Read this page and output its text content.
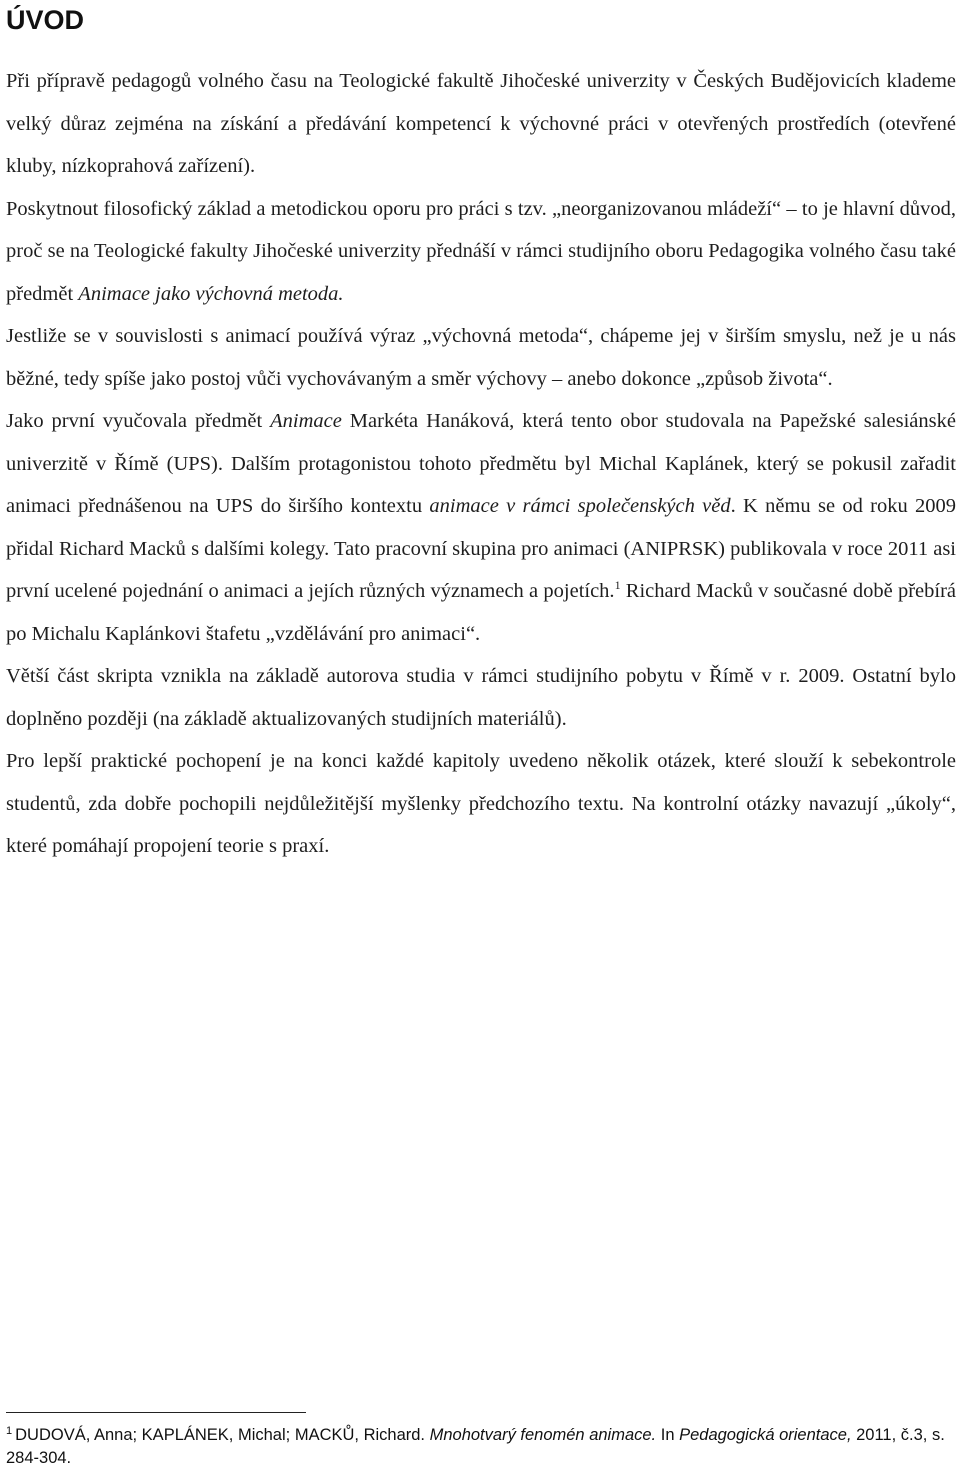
ÚVOD

Při přípravě pedagogů volného času na Teologické fakultě Jihočeské univerzity v Českých Budějovicích klademe velký důraz zejména na získání a předávání kompetencí k výchovné práci v otevřených prostředích (otevřené kluby, nízkoprahová zařízení).

Poskytnout filosofický základ a metodickou oporu pro práci s tzv. „neorganizovanou mládeží“ – to je hlavní důvod, proč se na Teologické fakulty Jihočeské univerzity přednáší v rámci studijního oboru Pedagogika volného času také předmět Animace jako výchovná metoda.

Jestliže se v souvislosti s animací používá výraz „výchovná metoda“, chápeme jej v širším smyslu, než je u nás běžné, tedy spíše jako postoj vůči vychovávaným a směr výchovy – anebo dokonce „způsob života“.

Jako první vyučovala předmět Animace Markéta Hanáková, která tento obor studovala na Papežské salesiánské univerzitě v Římě (UPS). Dalším protagonistou tohoto předmětu byl Michal Kaplánek, který se pokusil zařadit animaci přednášenou na UPS do širšího kontextu animace v rámci společenských věd. K němu se od roku 2009 přidal Richard Macků s dalšími kolegy. Tato pracovní skupina pro animaci (ANIPRSK) publikovala v roce 2011 asi první ucelené pojednání o animaci a jejích různých významech a pojetích.$^1$ Richard Macků v současné době přebírá po Michalu Kaplánkovi štafetu „vzdělávání pro animaci“.

Větší část skripta vznikla na základě autorova studia v rámci studijního pobytu v Římě v r. 2009. Ostatní bylo doplněno později (na základě aktualizovaných studijních materiálů).

Pro lepší praktické pochopení je na konci každé kapitoly uvedeno několik otázek, které slouží k sebekontrole studentů, zda dobře pochopili nejdůležitější myšlenky předchozího textu. Na kontrolní otázky navazují „úkoly“, které pomáhají propojení teorie s praxí.

$^1$ DUDOVÁ, Anna; KAPLÁNEK, Michal; MACKŮ, Richard. Mnohotvarý fenomén animace. In Pedagogická orientace, 2011, č.3, s. 284-304.
